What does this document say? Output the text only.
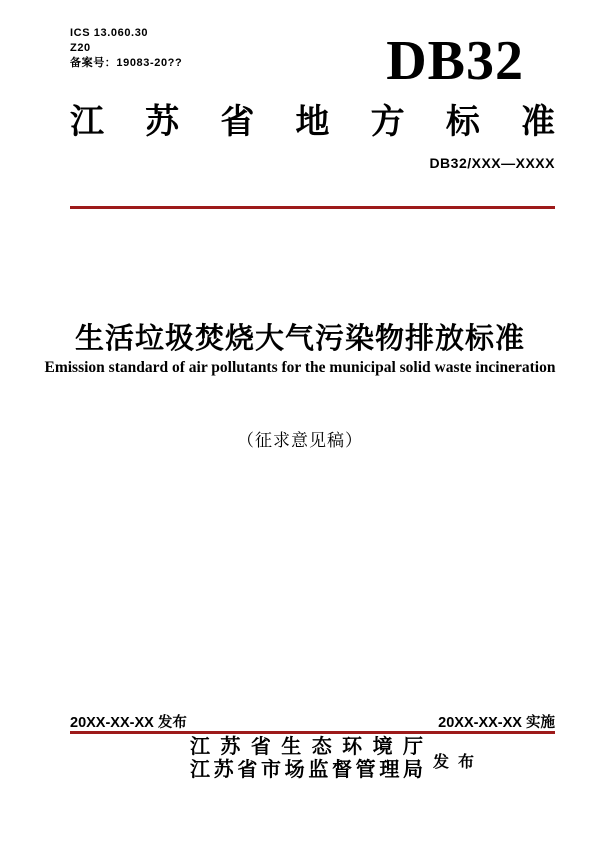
ICS 13.060.30
Z20
备案号：19083-20??	DB32
江苏省地方标准
DB32/XXX—XXXX
生活垃圾焚烧大气污染物排放标准
Emission standard of air pollutants for the municipal solid waste incineration
（征求意见稿）
20XX-XX-XX 发布	20XX-XX-XX 实施
江苏省生态环境厅
江苏省市场监督管理局 发布
